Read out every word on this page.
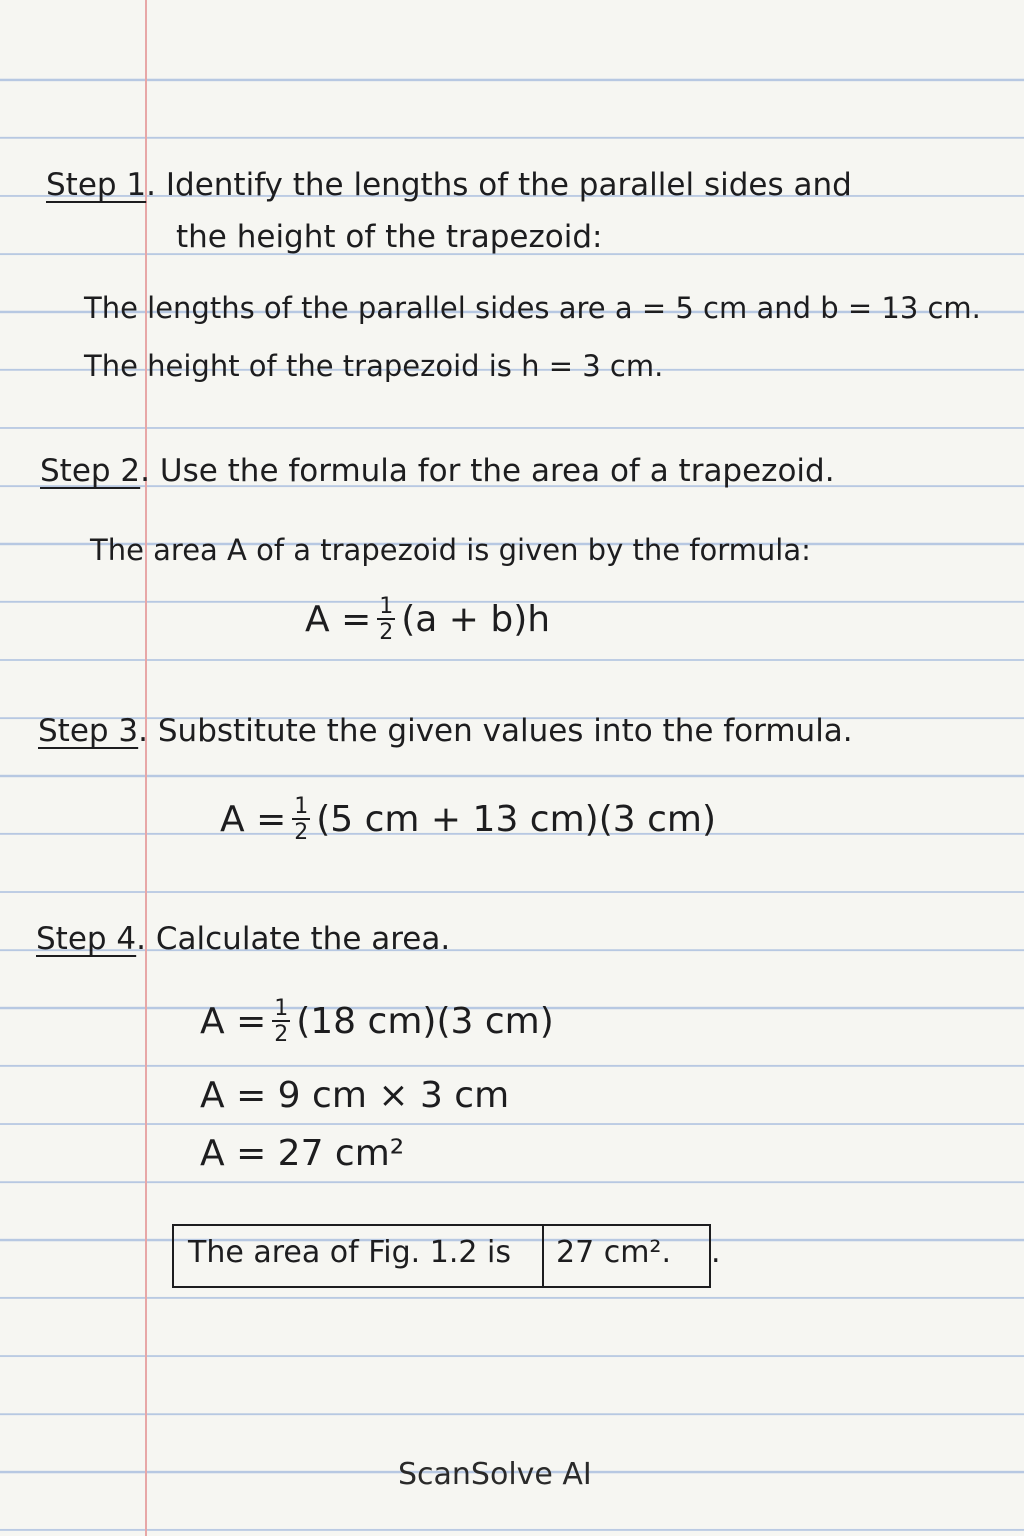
Step 1. Identify the lengths of the parallel sides and
the height of the trapezoid:
The lengths of the parallel sides are a = 5 cm and b = 13 cm.
The height of the trapezoid is h = 3 cm.
Step 2. Use the formula for the area of a trapezoid.
The area A of a trapezoid is given by the formula:
$A = \frac{1}{2} (a + b)h$
Step 3. Substitute the given values into the formula.
$A = \frac{1}{2} (5$ cm + 13 cm)(3 cm)
Step 4. Calculate the area.
$A = \frac{1}{2} (18$ cm)(3 cm)
A = 9 cm × 3 cm
A = 27 cm²
The area of Fig. 1.2 is 27 cm². .
ScanSolve AI
